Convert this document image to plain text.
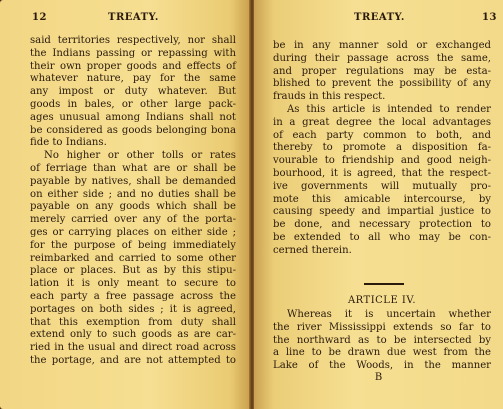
12	TREATY.
said territories respectively, nor shall
the Indians passing or repassing with
their own proper goods and effects of
whatever nature, pay for the same
any impost or duty whatever. But
goods in bales, or other large pack-
ages unusual among Indians shall not
be considered as goods belonging bona
fide to Indians.
No higher or other tolls or rates
of ferriage than what are or shall be
payable by natives, shall be demanded
on either side ; and no duties shall be
payable on any goods which shall be
merely carried over any of the porta-
ges or carrying places on either side ;
for the purpose of being immediately
reimbarked and carried to some other
place or places. But as by this stipu-
lation it is only meant to secure to
each party a free passage across the
portages on both sides ; it is agreed,
that this exemption from duty shall
extend only to such goods as are car-
ried in the usual and direct road across
the portage, and are not attempted to
TREATY.	13
be in any manner sold or exchanged
during their passage across the same,
and proper regulations may be esta-
blished to prevent the possibility of any
frauds in this respect.
As this article is intended to render
in a great degree the local advantages
of each party common to both, and
thereby to promote a disposition fa-
vourable to friendship and good neigh-
bourhood, it is agreed, that the respect-
ive governments will mutually pro-
mote this amicable intercourse, by
causing speedy and impartial justice to
be done, and necessary protection to
be extended to all who may be con-
cerned therein.
ARTICLE IV.
Whereas it is uncertain whether
the river Mississippi extends so far to
the northward as to be intersected by
a line to be drawn due west from the
Lake of the Woods, in the manner
B
